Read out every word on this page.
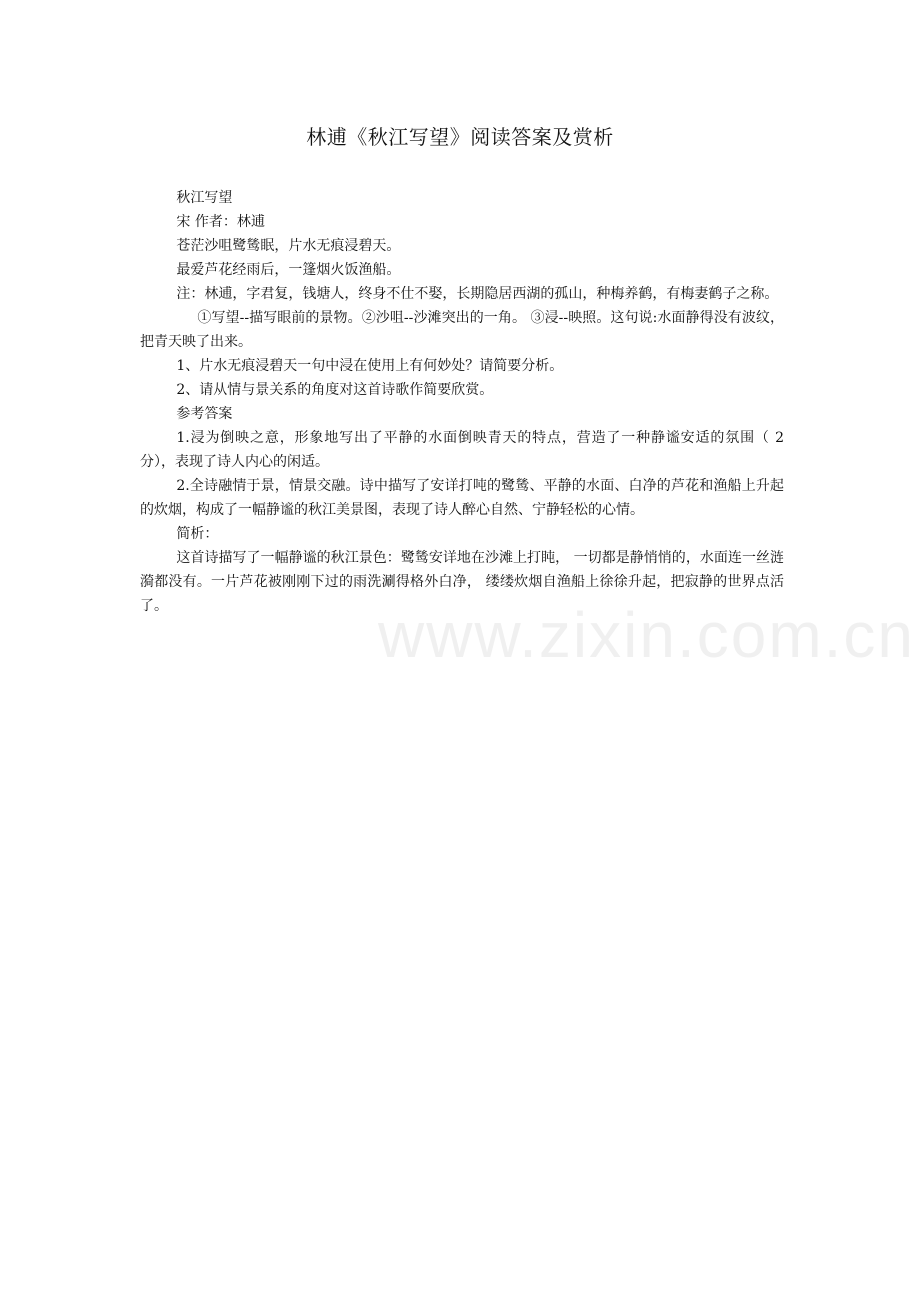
林逋《秋江写望》阅读答案及赏析

秋江写望

宋 作者：林逋

苍茫沙咀鹭鸶眠，片水无痕浸碧天。

最爱芦花经雨后，一篷烟火饭渔船。

注：林逋，字君复，钱塘人，终身不仕不娶，长期隐居西湖的孤山，种梅养鹤，有梅妻鹤子之称。

①写望--描写眼前的景物。②沙咀--沙滩突出的一角。 ③浸--映照。这句说:水面静得没有波纹，把青天映了出来。

1、片水无痕浸碧天一句中浸在使用上有何妙处？请简要分析。

2、请从情与景关系的角度对这首诗歌作简要欣赏。

参考答案

1.浸为倒映之意，形象地写出了平静的水面倒映青天的特点，营造了一种静谧安适的氛围（ 2 分），表现了诗人内心的闲适。

2.全诗融情于景，情景交融。诗中描写了安详打吨的鹭鸶、平静的水面、白净的芦花和渔船上升起的炊烟，构成了一幅静谧的秋江美景图，表现了诗人醉心自然、宁静轻松的心情。

简析：

这首诗描写了一幅静谧的秋江景色：鹭鸶安详地在沙滩上打盹， 一切都是静悄悄的，水面连一丝涟漪都没有。一片芦花被刚刚下过的雨洗涮得格外白净， 缕缕炊烟自渔船上徐徐升起，把寂静的世界点活了。	www.zixin.com.cn
